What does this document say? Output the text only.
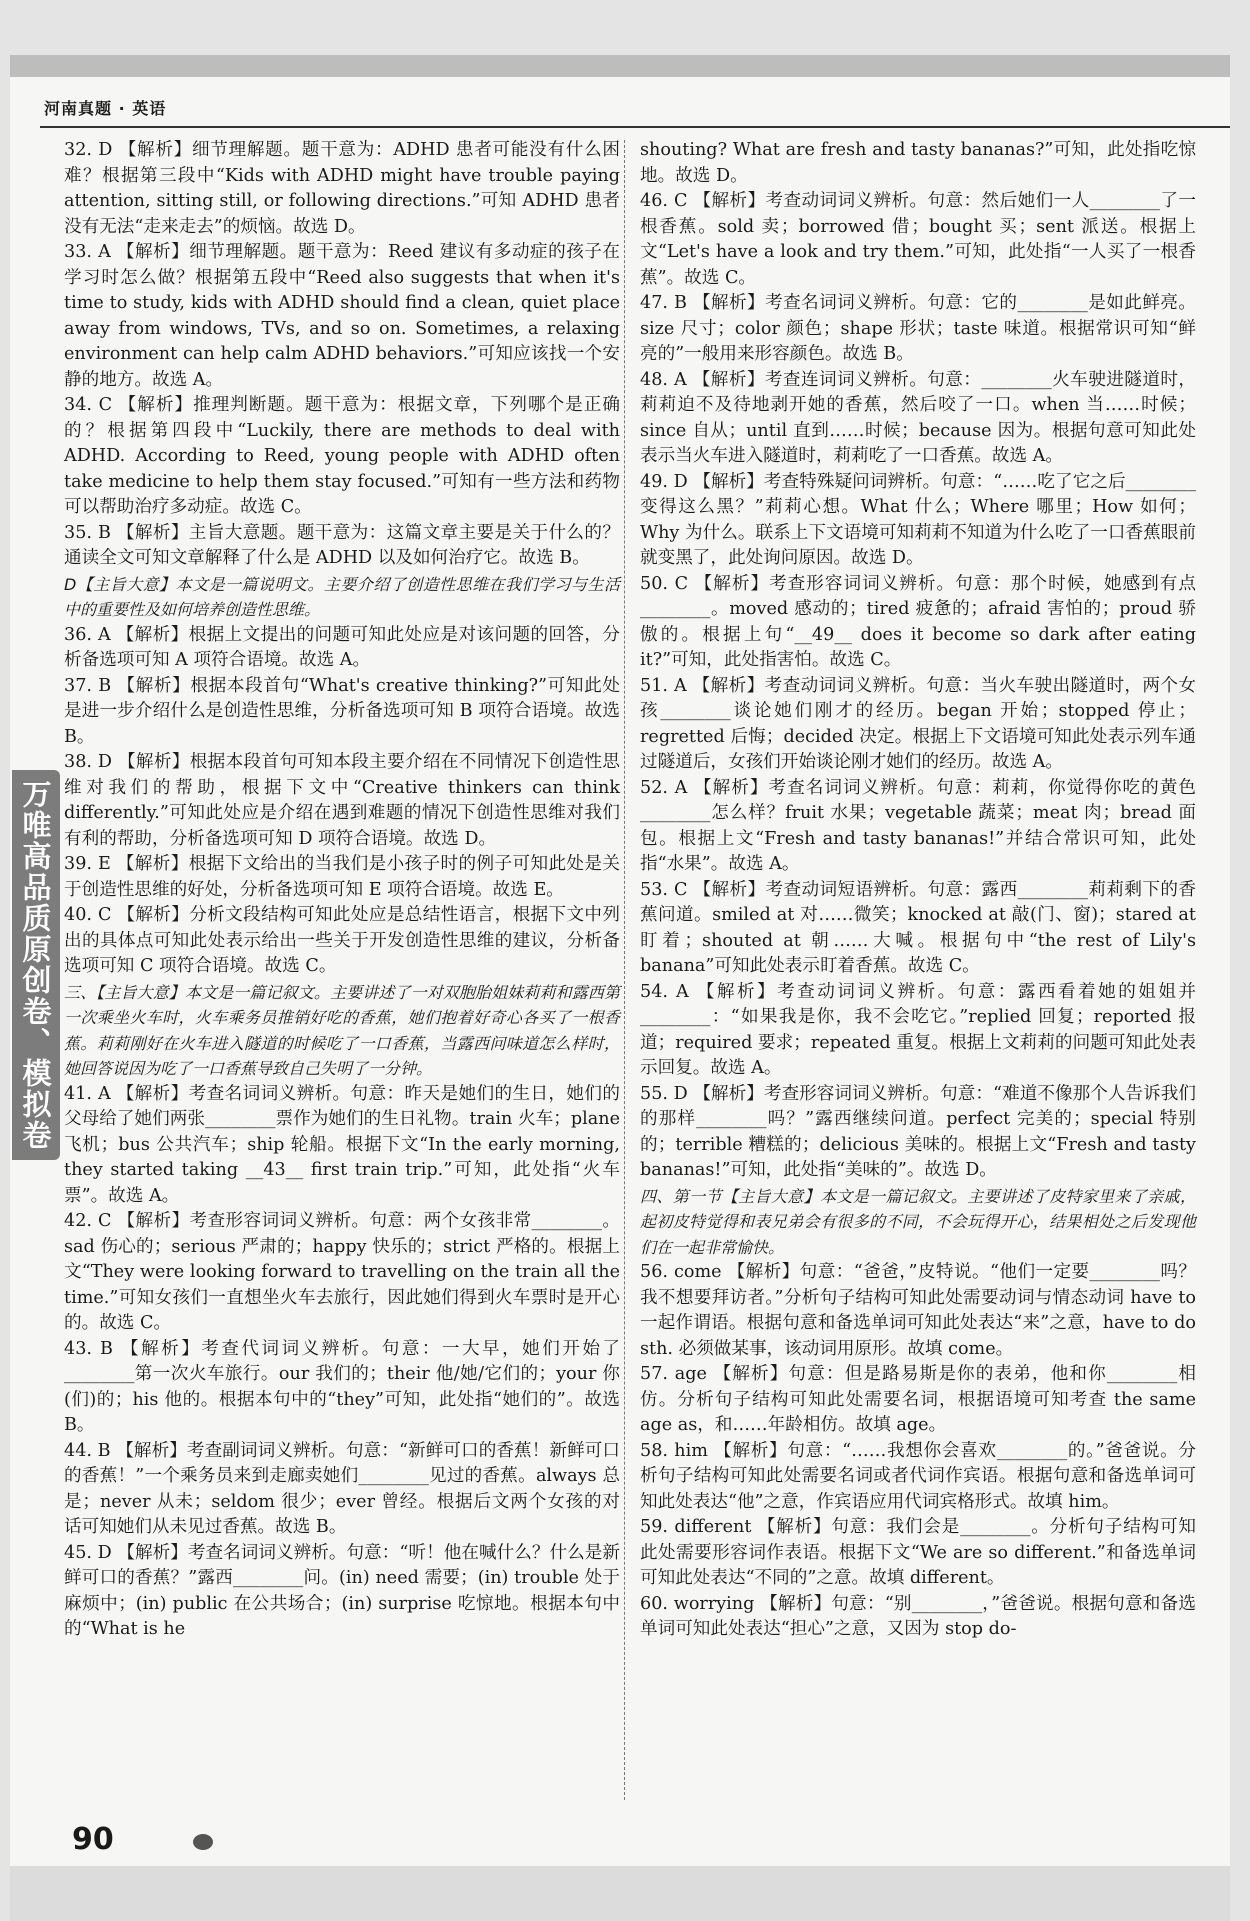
河南真题 · 英语
万唯高品质原创卷、模拟卷

32. D 【解析】细节理解题。题干意为：ADHD 患者可能没有什么困难？根据第三段中“Kids with ADHD might have trouble paying attention, sitting still, or following directions.”可知 ADHD 患者没有无法“走来走去”的烦恼。故选 D。

33. A 【解析】细节理解题。题干意为：Reed 建议有多动症的孩子在学习时怎么做？根据第五段中“Reed also suggests that when it's time to study, kids with ADHD should find a clean, quiet place away from windows, TVs, and so on. Sometimes, a relaxing environment can help calm ADHD behaviors.”可知应该找一个安静的地方。故选 A。

34. C 【解析】推理判断题。题干意为：根据文章，下列哪个是正确的？根据第四段中“Luckily, there are methods to deal with ADHD. According to Reed, young people with ADHD often take medicine to help them stay focused.”可知有一些方法和药物可以帮助治疗多动症。故选 C。

35. B 【解析】主旨大意题。题干意为：这篇文章主要是关于什么的？通读全文可知文章解释了什么是 ADHD 以及如何治疗它。故选 B。

D【主旨大意】本文是一篇说明文。主要介绍了创造性思维在我们学习与生活中的重要性及如何培养创造性思维。

36. A 【解析】根据上文提出的问题可知此处应是对该问题的回答，分析备选项可知 A 项符合语境。故选 A。

37. B 【解析】根据本段首句“What's creative thinking?”可知此处是进一步介绍什么是创造性思维，分析备选项可知 B 项符合语境。故选 B。

38. D 【解析】根据本段首句可知本段主要介绍在不同情况下创造性思维对我们的帮助，根据下文中“Creative thinkers can think differently.”可知此处应是介绍在遇到难题的情况下创造性思维对我们有利的帮助，分析备选项可知 D 项符合语境。故选 D。

39. E 【解析】根据下文给出的当我们是小孩子时的例子可知此处是关于创造性思维的好处，分析备选项可知 E 项符合语境。故选 E。

40. C 【解析】分析文段结构可知此处应是总结性语言，根据下文中列出的具体点可知此处表示给出一些关于开发创造性思维的建议，分析备选项可知 C 项符合语境。故选 C。

三、【主旨大意】本文是一篇记叙文。主要讲述了一对双胞胎姐妹莉莉和露西第一次乘坐火车时，火车乘务员推销好吃的香蕉，她们抱着好奇心各买了一根香蕉。莉莉刚好在火车进入隧道的时候吃了一口香蕉，当露西问味道怎么样时，她回答说因为吃了一口香蕉导致自己失明了一分钟。

41. A 【解析】考查名词词义辨析。句意：昨天是她们的生日，她们的父母给了她们两张________票作为她们的生日礼物。train 火车；plane 飞机；bus 公共汽车；ship 轮船。根据下文“In the early morning, they started taking __43__ first train trip.”可知，此处指“火车票”。故选 A。

42. C 【解析】考查形容词词义辨析。句意：两个女孩非常________。sad 伤心的；serious 严肃的；happy 快乐的；strict 严格的。根据上文“They were looking forward to travelling on the train all the time.”可知女孩们一直想坐火车去旅行，因此她们得到火车票时是开心的。故选 C。

43. B 【解析】考查代词词义辨析。句意：一大早，她们开始了________第一次火车旅行。our 我们的；their 他/她/它们的；your 你(们)的；his 他的。根据本句中的“they”可知，此处指“她们的”。故选 B。

44. B 【解析】考查副词词义辨析。句意：“新鲜可口的香蕉！新鲜可口的香蕉！”一个乘务员来到走廊卖她们________见过的香蕉。always 总是；never 从未；seldom 很少；ever 曾经。根据后文两个女孩的对话可知她们从未见过香蕉。故选 B。

45. D 【解析】考查名词词义辨析。句意：“听！他在喊什么？什么是新鲜可口的香蕉？”露西________问。(in) need 需要；(in) trouble 处于麻烦中；(in) public 在公共场合；(in) surprise 吃惊地。根据本句中的“What is he

shouting? What are fresh and tasty bananas?”可知，此处指吃惊地。故选 D。

46. C 【解析】考查动词词义辨析。句意：然后她们一人________了一根香蕉。sold 卖；borrowed 借；bought 买；sent 派送。根据上文“Let's have a look and try them.”可知，此处指“一人买了一根香蕉”。故选 C。

47. B 【解析】考查名词词义辨析。句意：它的________是如此鲜亮。size 尺寸；color 颜色；shape 形状；taste 味道。根据常识可知“鲜亮的”一般用来形容颜色。故选 B。

48. A 【解析】考查连词词义辨析。句意：________火车驶进隧道时，莉莉迫不及待地剥开她的香蕉，然后咬了一口。when 当……时候；since 自从；until 直到……时候；because 因为。根据句意可知此处表示当火车进入隧道时，莉莉吃了一口香蕉。故选 A。

49. D 【解析】考查特殊疑问词辨析。句意：“……吃了它之后________变得这么黑？”莉莉心想。What 什么；Where 哪里；How 如何；Why 为什么。联系上下文语境可知莉莉不知道为什么吃了一口香蕉眼前就变黑了，此处询问原因。故选 D。

50. C 【解析】考查形容词词义辨析。句意：那个时候，她感到有点________。moved 感动的；tired 疲惫的；afraid 害怕的；proud 骄傲的。根据上句“__49__ does it become so dark after eating it?”可知，此处指害怕。故选 C。

51. A 【解析】考查动词词义辨析。句意：当火车驶出隧道时，两个女孩________谈论她们刚才的经历。began 开始；stopped 停止；regretted 后悔；decided 决定。根据上下文语境可知此处表示列车通过隧道后，女孩们开始谈论刚才她们的经历。故选 A。

52. A 【解析】考查名词词义辨析。句意：莉莉，你觉得你吃的黄色________怎么样？fruit 水果；vegetable 蔬菜；meat 肉；bread 面包。根据上文“Fresh and tasty bananas!”并结合常识可知，此处指“水果”。故选 A。

53. C 【解析】考查动词短语辨析。句意：露西________莉莉剩下的香蕉问道。smiled at 对……微笑；knocked at 敲(门、窗)；stared at 盯着；shouted at 朝……大喊。根据句中“the rest of Lily's banana”可知此处表示盯着香蕉。故选 C。

54. A 【解析】考查动词词义辨析。句意：露西看着她的姐姐并________：“如果我是你，我不会吃它。”replied 回复；reported 报道；required 要求；repeated 重复。根据上文莉莉的问题可知此处表示回复。故选 A。

55. D 【解析】考查形容词词义辨析。句意：“难道不像那个人告诉我们的那样________吗？”露西继续问道。perfect 完美的；special 特别的；terrible 糟糕的；delicious 美味的。根据上文“Fresh and tasty bananas!”可知，此处指“美味的”。故选 D。

四、第一节【主旨大意】本文是一篇记叙文。主要讲述了皮特家里来了亲戚，起初皮特觉得和表兄弟会有很多的不同，不会玩得开心，结果相处之后发现他们在一起非常愉快。

56. come 【解析】句意：“爸爸，”皮特说。“他们一定要________吗？我不想要拜访者。”分析句子结构可知此处需要动词与情态动词 have to 一起作谓语。根据句意和备选单词可知此处表达“来”之意，have to do sth. 必须做某事，该动词用原形。故填 come。

57. age 【解析】句意：但是路易斯是你的表弟，他和你________相仿。分析句子结构可知此处需要名词，根据语境可知考查 the same age as，和……年龄相仿。故填 age。

58. him 【解析】句意：“……我想你会喜欢________的。”爸爸说。分析句子结构可知此处需要名词或者代词作宾语。根据句意和备选单词可知此处表达“他”之意，作宾语应用代词宾格形式。故填 him。

59. different 【解析】句意：我们会是________。分析句子结构可知此处需要形容词作表语。根据下文“We are so different.”和备选单词可知此处表达“不同的”之意。故填 different。

60. worrying 【解析】句意：“别________，”爸爸说。根据句意和备选单词可知此处表达“担心”之意，又因为 stop do-

90
